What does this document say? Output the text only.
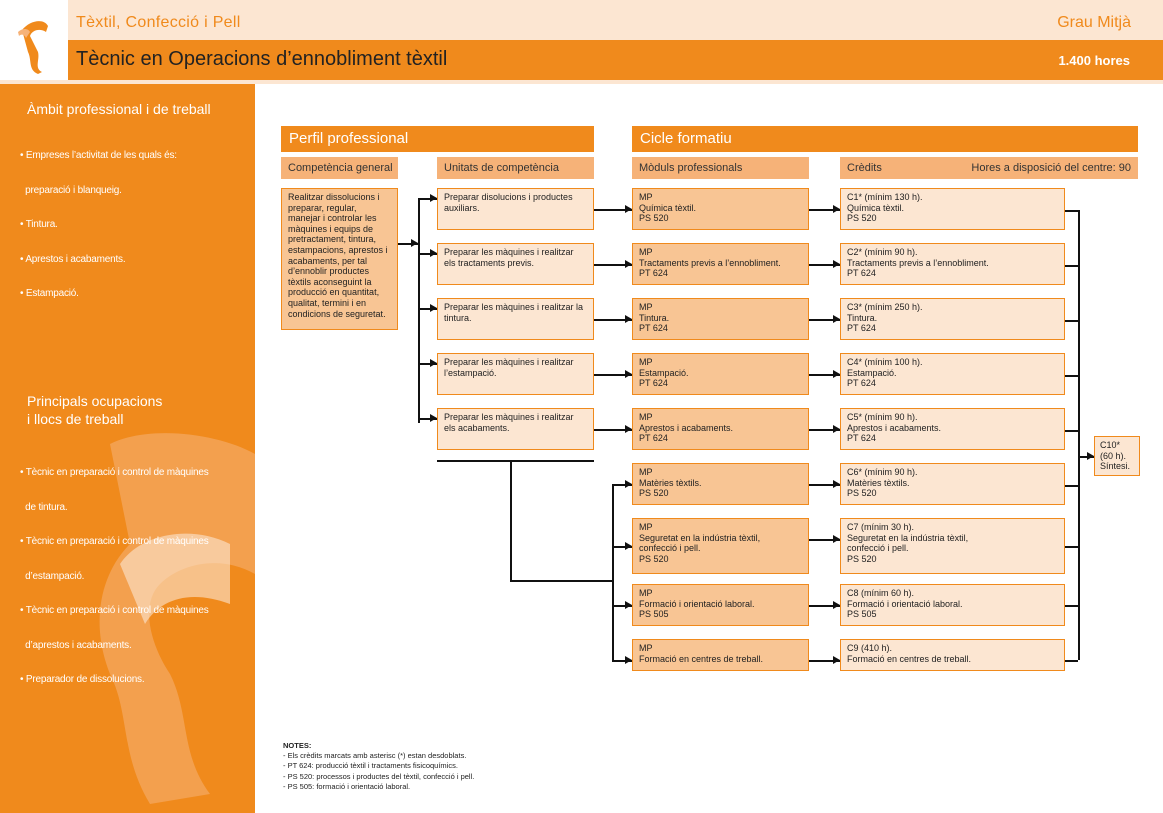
Tèxtil, Confecció i Pell	Grau Mitjà
Tècnic en Operacions d’ennobliment tèxtil	1.400 hores
Àmbit professional i de treball

• Empreses l’activitat de les quals és:

preparació i blanqueig.

• Tintura.

• Aprestos i acabaments.

• Estampació.

Principals ocupacions
i llocs de treball

• Tècnic en preparació i control de màquines

de tintura.

• Tècnic en preparació i control de màquines

d’estampació.

• Tècnic en preparació i control de màquines

d’aprestos i acabaments.

• Preparador de dissolucions.

Perfil professional	Cicle formatiu
Competència general	Unitats de competència	Mòduls professionals	Crèdits	Hores a disposició del centre: 90
Realitzar dissolucions i preparar, regular, manejar i controlar les màquines i equips de pretractament, tintura, estampacions, aprestos i acabaments, per tal d’ennoblir productes tèxtils aconseguint la producció en quantitat, qualitat, termini i en condicions de seguretat.
Preparar disolucions i productes auxiliars.
Preparar les màquines i realitzar els tractaments previs.
Preparar les màquines i realitzar la tintura.
Preparar les màquines i realitzar l’estampació.
Preparar les màquines i realitzar els acabaments.
MP
Química tèxtil.
PS 520
MP
Tractaments previs a l’ennobliment.
PT 624
MP
Tintura.
PT 624
MP
Estampació.
PT 624
MP
Aprestos i acabaments.
PT 624
MP
Matèries tèxtils.
PS 520
MP
Seguretat en la indústria tèxtil,
confecció i pell.
PS 520
MP
Formació i orientació laboral.
PS 505
MP
Formació en centres de treball.
C1* (mínim 130 h).
Química tèxtil.
PS 520
C2* (mínim 90 h).
Tractaments previs a l’ennobliment.
PT 624
C3* (mínim 250 h).
Tintura.
PT 624
C4* (mínim 100 h).
Estampació.
PT 624
C5* (mínim 90 h).
Aprestos i acabaments.
PT 624
C6* (mínim 90 h).
Matèries tèxtils.
PS 520
C7 (mínim 30 h).
Seguretat en la indústria tèxtil,
confecció i pell.
PS 520
C8 (mínim 60 h).
Formació i orientació laboral.
PS 505
C9 (410 h).
Formació en centres de treball.
C10*
(60 h).
Síntesi.
NOTES:
- Els crèdits marcats amb asterisc (*) estan desdoblats.
- PT 624: producció tèxtil i tractaments fisicoquímics.
- PS 520: processos i productes del tèxtil, confecció i pell.
- PS 505: formació i orientació laboral.
